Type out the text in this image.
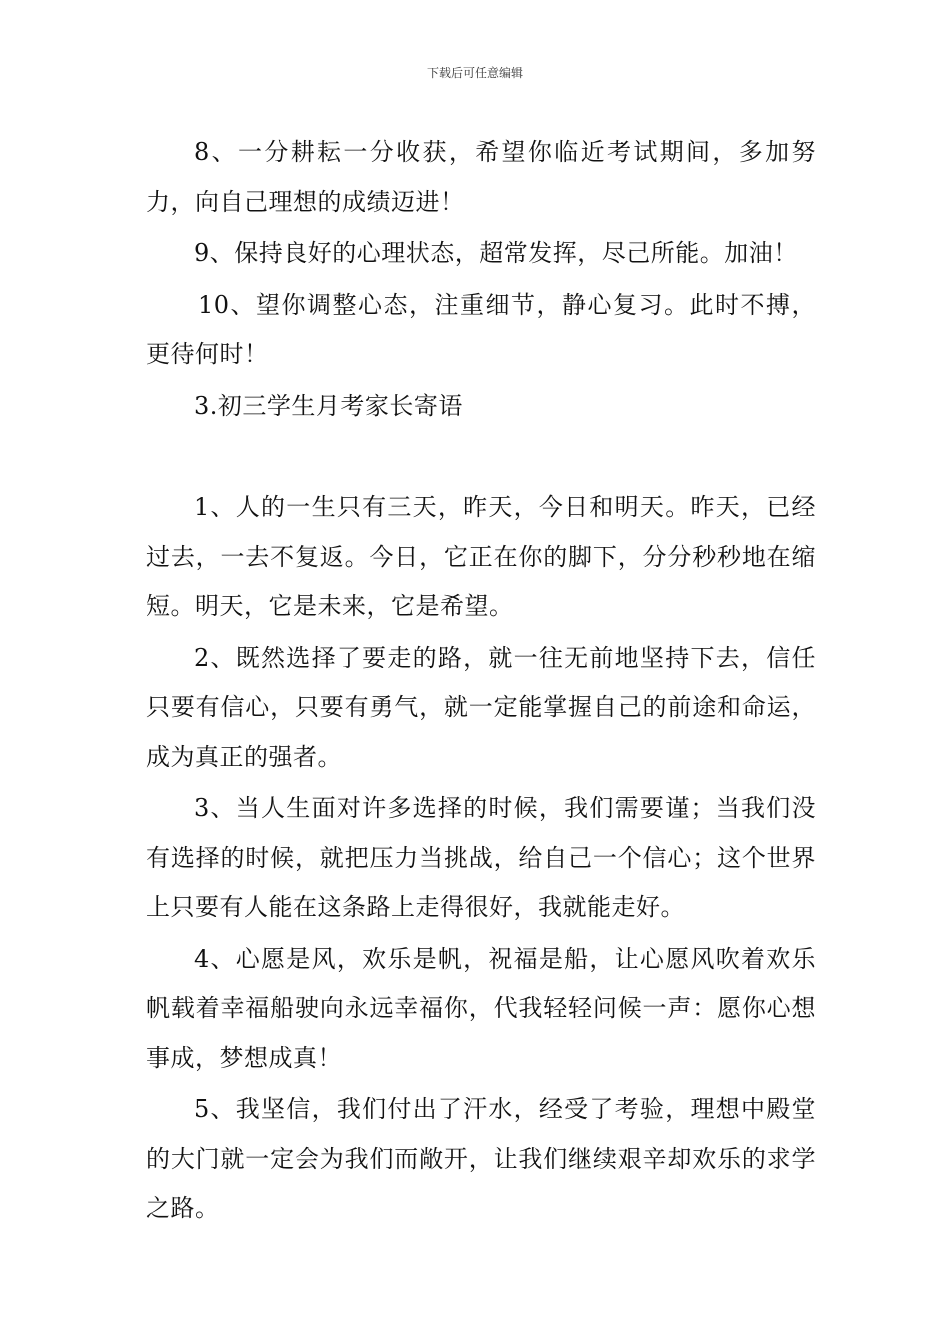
下载后可任意编辑

8、一分耕耘一分收获，希望你临近考试期间，多加努力，向自己理想的成绩迈进！

9、保持良好的心理状态，超常发挥，尽己所能。加油！

10、望你调整心态，注重细节，静心复习。此时不搏，更待何时！

3.初三学生月考家长寄语

1、人的一生只有三天，昨天，今日和明天。昨天，已经过去，一去不复返。今日，它正在你的脚下，分分秒秒地在缩短。明天，它是未来，它是希望。

2、既然选择了要走的路，就一往无前地坚持下去，信任只要有信心，只要有勇气，就一定能掌握自己的前途和命运，成为真正的强者。

3、当人生面对许多选择的时候，我们需要谨；当我们没有选择的时候，就把压力当挑战，给自己一个信心；这个世界上只要有人能在这条路上走得很好，我就能走好。

4、心愿是风，欢乐是帆，祝福是船，让心愿风吹着欢乐帆载着幸福船驶向永远幸福你，代我轻轻问候一声：愿你心想事成，梦想成真！

5、我坚信，我们付出了汗水，经受了考验，理想中殿堂的大门就一定会为我们而敞开，让我们继续艰辛却欢乐的求学之路。
